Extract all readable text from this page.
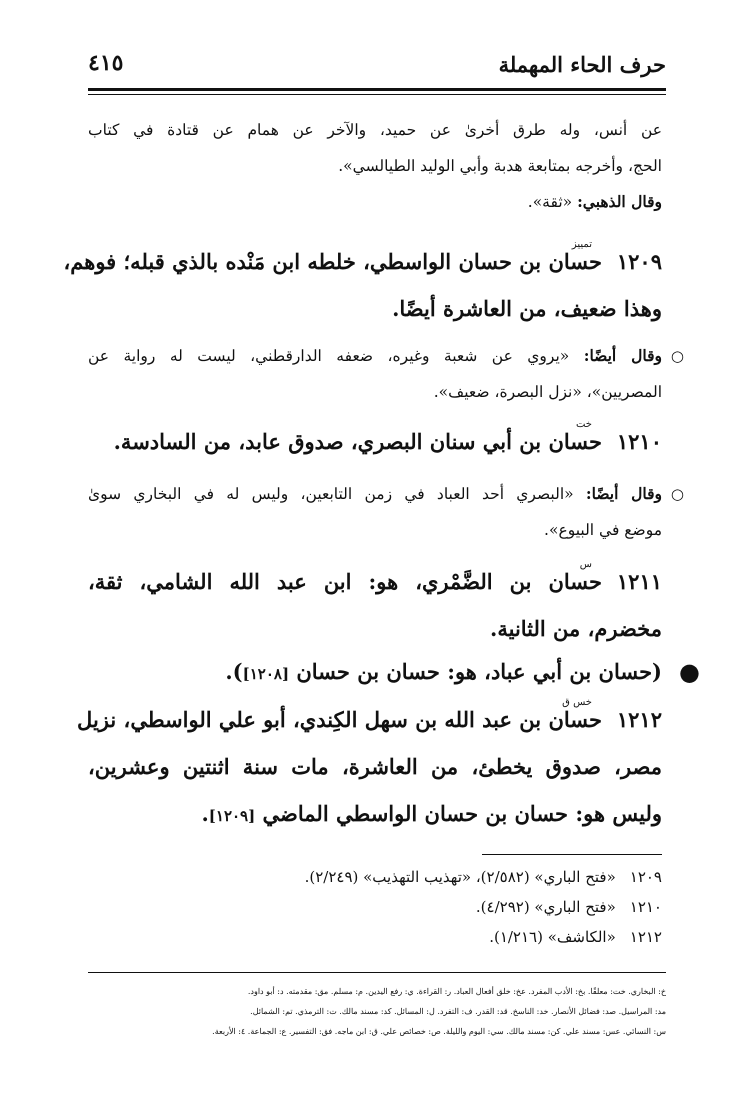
حرف الحاء المهملة
٤١٥
عن أنس، وله طرق أخرىٰ عن حميد، والآخر عن همام عن قتادة في كتاب
الحج، وأخرجه بمتابعة هدبة وأبي الوليد الطيالسي».
وقال الذهبي: «ثقة».
١٢٠٩
تمييز
حسان بن حسان الواسطي، خلطه ابن مَنْده بالذي قبله؛ فوهم،
وهذا ضعيف، من العاشرة أيضًا.
○
وقال أيضًا: «يروي عن شعبة وغيره، ضعفه الدارقطني، ليست له رواية عن
المصريين»، «نزل البصرة، ضعيف».
١٢١٠
خت
حسان بن أبي سنان البصري، صدوق عابد، من السادسة.
○
وقال أيضًا: «البصري أحد العباد في زمن التابعين، وليس له في البخاري سوىٰ
موضع في البيوع».
١٢١١
س
حسان بن الضَّمْري، هو: ابن عبد الله الشامي، ثقة،
مخضرم، من الثانية.
●
(حسان بن أبي عباد، هو: حسان بن حسان [١٢٠٨]).
١٢١٢
خس ق
حسان بن عبد الله بن سهل الكِندي، أبو علي الواسطي، نزيل
مصر، صدوق يخطئ، من العاشرة، مات سنة اثنتين وعشرين،
وليس هو: حسان بن حسان الواسطي الماضي [١٢٠٩].
١٢٠٩«فتح الباري» (٢/٥٨٢)، «تهذيب التهذيب» (٢/٢٤٩).
١٢١٠«فتح الباري» (٤/٢٩٢).
١٢١٢«الكاشف» (١/٢١٦).
خ: البخاري. خت: معلقًا. بخ: الأدب المفرد. عخ: خلق أفعال العباد. ر: القراءة. ي: رفع اليدين. م: مسلم. مق: مقدمته. د: أبو داود.
مد: المراسيل. صد: فضائل الأنصار. خد: الناسخ. قد: القدر. ف: التفرد. ل: المسائل. كد: مسند مالك. ت: الترمذي. تم: الشمائل.
س: النسائي. عس: مسند علي. كن: مسند مالك. سي: اليوم والليلة. ص: خصائص علي. ق: ابن ماجه. فق: التفسير. ع: الجماعة. ٤: الأربعة.
